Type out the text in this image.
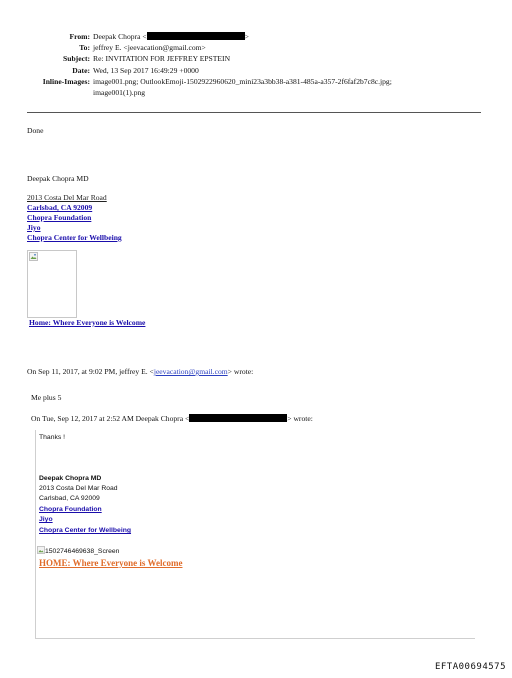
From: Deepak Chopra <	>
To: jeffrey E. <jeevacation@gmail.com>
Subject: Re: INVITATION FOR JEFFREY EPSTEIN
Date: Wed, 13 Sep 2017 16:49:29 +0000
Inline-Images: image001.png; OutlookEmoji-1502922960620_mini23a3bb38-a381-485a-a357-2f6faf2b7c8c.jpg;
image001(1).png
Done
Deepak Chopra MD
2013 Costa Del Mar Road
Carlsbad, CA 92009
Chopra Foundation
Jiyo
Chopra Center for Wellbeing
Home: Where Everyone is Welcome
On Sep 11, 2017, at 9:02 PM, jeffrey E. <jeevacation@gmail.com> wrote:
Me plus 5
On Tue, Sep 12, 2017 at 2:52 AM Deepak Chopra <	> wrote:
Thanks !
Deepak Chopra MD
2013 Costa Del Mar Road
Carlsbad, CA 92009
Chopra Foundation
Jiyo
Chopra Center for Wellbeing
1502746469638_Screen
HOME: Where Everyone is Welcome
EFTA00694575
